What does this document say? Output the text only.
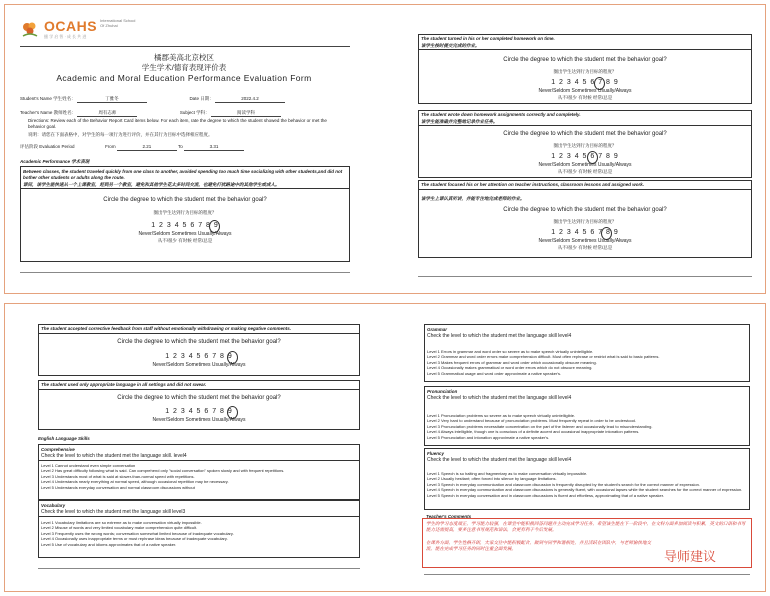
OCAHS International School
Of Zhuhai
播 学 启 智 · 成 长 共 进
橘郡美高北京校区
学生学术/德育表现评价表
Academic and Moral Education Performance Evaluation Form
Student's Name 学生姓名：	丁雅冬	Date 日期：	2022.4.2
Teacher's Name 教师姓名：	周有志师	Subject 学科：	阅读学科
Directions: Review each of the Behavior Report Card items below. For each item, rate the degree to which the student showed the behavior or met the behavior goal.
说明：请您在下面表格中，对学生的每一项行为进行评价，并在其行为目标中选择相应程度。
评估阶段 Evaluation Period	From	2.21	To	3.31
Academic Performance 学术表现
Between classes, the student traveled quickly from one class to another, avoided spending too much time socializing with other students,and did not bother other students or adults along the route.
课间，该学生能快速从一个上课教室，赶到另一个教室，避免和其他学生花太多时间交流，也避免打扰路途中的其他学生或成人。
Circle the degree to which the student met the behavior goal?
圈出学生达到行为目标的程度？
1 2 3 4 5 6 7 8 9
Never/Seldom Sometimes Usually/Always
从不/很少 有时候 经常/总是
The student turned in his or her completed homework on time.
该学生按时提交完成的作业。
Circle the degree to which the student met the behavior goal?
圈出学生达到行为目标的程度？
1 2 3 4 5 6 7 8 9
Never/Seldom Sometimes Usually/Always
从不/很少 有时候 经常/总是
The student wrote down homework assignments correctly and completely.
该学生能准确并完整地记录作业任务。
Circle the degree to which the student met the behavior goal?
圈出学生达到行为目标的程度？
1 2 3 4 5 6 7 8 9
Never/Seldom Sometimes Usually/Always
从不/很少 有时候 经常/总是
The student focused his or her attention on teacher instructions, classroom lessons and assigned work.
该学生上课认真听讲，并能专注地完成老师的作业。
Circle the degree to which the student met the behavior goal?
圈出学生达到行为目标的程度？
1 2 3 4 5 6 7 8 9
Never/Seldom Sometimes Usually/Always
从不/很少 有时候 经常/总是
The student accepted corrective feedback from staff without emotionally withdrawing or making negative comments.
Circle the degree to which the student met the behavior goal?
1 2 3 4 5 6 7 8 9
Never/Seldom Sometimes Usually/Always
The student used only appropriate language in all settings and did not swear.
Circle the degree to which the student met the behavior goal?
1 2 3 4 5 6 7 8 9
Never/Seldom Sometimes Usually/Always
English Language Skills
Comprehensive
Check the level to which the student met the language skill. level4
Level 1 Cannot understand even simple conversation
Level 2 Has great difficulty following what is said. Can comprehend only "social conversation" spoken slowly and with frequent repetitions.
Level 3 Understands most of what is said at slower-than-normal speed with repetitions.
Level 4 Understands nearly everything at normal speed, although occasional repetition may be necessary.
Level 5 Understands everyday conversation and normal classroom discussions without
Vocabulary
Check the level to which the student met the language skill level3
Level 1 Vocabulary limitations are so extreme as to make conversation virtually impossible.
Level 2 Misuse of words and very limited vocabulary make comprehension quite difficult.
Level 3 Frequently uses the wrong words; conversation somewhat limited because of inadequate vocabulary.
Level 4 Occasionally uses inappropriate terms or must rephrase ideas because of inadequate vocabulary.
Level 5 Use of vocabulary and idioms approximates that of a native speaker.
Grammar
Check the level to which the student met the language skill level4
Level 1 Errors in grammar and word order so severe as to make speech virtually unintelligible.
Level 2 Grammar and word order errors make comprehension difficult. Must often rephrase or restrict what is said to basic patterns.
Level 3 Makes frequent errors of grammar and word order which occasionally obscure meaning.
Level 4 Occasionally makes grammatical or word order errors which do not obscure meaning.
Level 5 Grammatical usage and word order approximate a native speaker's.
Pronunciation
Check the level to which the student met the language skill level4
Level 1 Pronunciation problems so severe as to make speech virtually unintelligible.
Level 2 Very hard to understand because of pronunciation problems. Must frequently repeat in order to be understood.
Level 3 Pronunciation problems necessitate concentration on the part of the listener and occasionally lead to misunderstanding.
Level 4 Always intelligible, though one is conscious of a definite accent and occasional inappropriate intonation patterns.
Level 5 Pronunciation and intonation approximate a native speaker's.
Fluency
Check the level to which the student met the language skill level4
Level 1 Speech is so halting and fragmentary as to make conversation virtually impossible.
Level 2 Usually hesitant; often forced into silence by language limitations.
Level 3 Speech in everyday communication and classroom discussion is frequently disrupted by the student's search for the correct manner of expression.
Level 4 Speech in everyday communication and classroom discussions is generally fluent, with occasional lapses while the student searches for the correct manner of expression.
Level 5 Speech in everyday conversation and in classroom discussions is fluent and effortless, approximating that of a native speaker.
Teacher's Comments
学生的学习态度端正，学习能力较强，在课堂中能积极回答问题并主动完成学习任务，希望该生能在下一阶段中，在文科方面多加阅读与积累，英文的口语和书写能力还需提高，要多注意书写规范和语法，会更有利于今后发展。
在课外方面，学生性格开朗，大家交往中能积极配合，做到与同学和谐相处，并且活跃在团队中，与老师愉快地交流，能在完成学习任务的同时注重全面发展。
导师建议
